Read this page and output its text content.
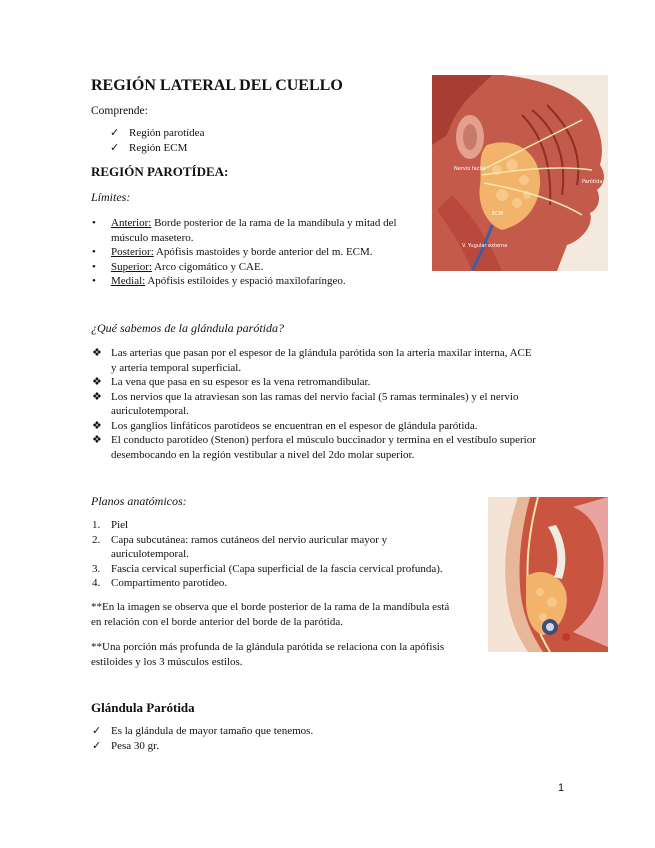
REGIÓN LATERAL DEL CUELLO
Comprende:
✓ Región parotídea
✓ Región ECM
REGIÓN PAROTÍDEA:
Límites:
• Anterior: Borde posterior de la rama de la mandíbula y mitad del
músculo masetero.
• Posterior: Apófisis mastoides y borde anterior del m. ECM.
• Superior: Arco cigomático y CAE.
• Medial: Apófisis estiloides y espació maxilofaríngeo.
Nervio facial
Parótida
ECM
V. Yugular externa
¿Qué sabemos de la glándula parótida?
❖ Las arterias que pasan por el espesor de la glándula parótida son la arteria maxilar interna, ACE
y arteria temporal superficial.
❖ La vena que pasa en su espesor es la vena retromandibular.
❖ Los nervios que la atraviesan son las ramas del nervio facial (5 ramas terminales) y el nervio
auriculotemporal.
❖ Los ganglios linfáticos parotídeos se encuentran en el espesor de glándula parótida.
❖ El conducto parotídeo (Stenon) perfora el músculo buccinador y termina en el vestíbulo superior
desembocando en la región vestibular a nivel del 2do molar superior.
Planos anatómicos:
1. Piel
2. Capa subcutánea: ramos cutáneos del nervio auricular mayor y
auriculotemporal.
3. Fascia cervical superficial (Capa superficial de la fascia cervical profunda).
4. Compartimento parotídeo.
**En la imagen se observa que el borde posterior de la rama de la mandíbula está
en relación con el borde anterior del borde de la parótida.
**Una porción más profunda de la glándula parótida se relaciona con la apófisis
estiloides y los 3 músculos estilos.
Glándula Parótida
✓ Es la glándula de mayor tamaño que tenemos.
✓ Pesa 30 gr.
1
